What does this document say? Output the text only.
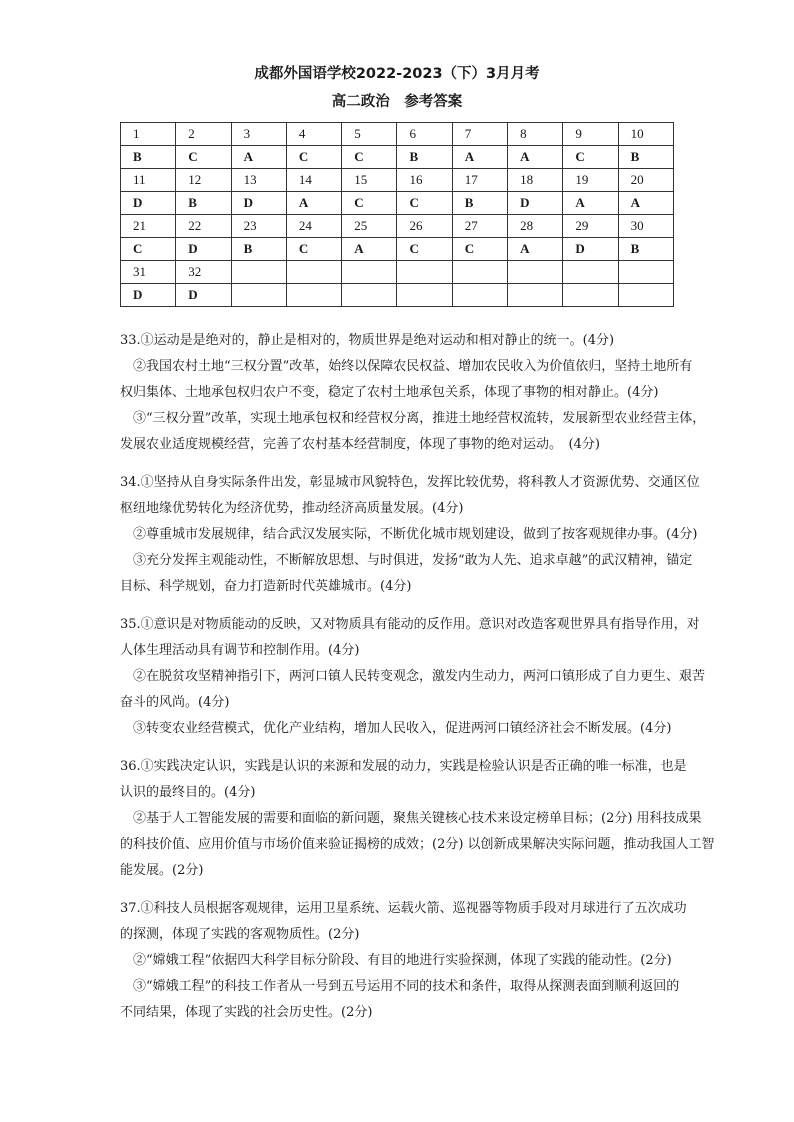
成都外国语学校2022-2023（下）3月月考
高二政治　参考答案
1	2	3	4	5	6	7	8	9	10
B	C	A	C	C	B	A	A	C	B
11	12	13	14	15	16	17	18	19	20
D	B	D	A	C	C	B	D	A	A
21	22	23	24	25	26	27	28	29	30
C	D	B	C	A	C	C	A	D	B
31	32								
D	D								

33.①运动是是绝对的，静止是相对的，物质世界是绝对运动和相对静止的统一。(4分)

②我国农村土地“三权分置”改革，始终以保障农民权益、增加农民收入为价值依归，坚持土地所有

权归集体、土地承包权归农户不变，稳定了农村土地承包关系，体现了事物的相对静止。(4分)

③“三权分置”改革，实现土地承包权和经营权分离，推进土地经营权流转，发展新型农业经营主体，

发展农业适度规模经营，完善了农村基本经营制度，体现了事物的绝对运动。　(4分)

34.①坚持从自身实际条件出发，彰显城市风貌特色，发挥比较优势，将科教人才资源优势、交通区位

枢纽地缘优势转化为经济优势，推动经济高质量发展。(4分)

②尊重城市发展规律，结合武汉发展实际，不断优化城市规划建设，做到了按客观规律办事。(4分)

③充分发挥主观能动性，不断解放思想、与时俱进，发扬“敢为人先、追求卓越”的武汉精神，锚定

目标、科学规划，奋力打造新时代英雄城市。(4分)

35.①意识是对物质能动的反映，又对物质具有能动的反作用。意识对改造客观世界具有指导作用，对

人体生理活动具有调节和控制作用。(4分)

②在脱贫攻坚精神指引下，两河口镇人民转变观念，激发内生动力，两河口镇形成了自力更生、艰苦

奋斗的风尚。(4分)

③转变农业经营模式，优化产业结构，增加人民收入，促进两河口镇经济社会不断发展。(4分)

36.①实践决定认识，实践是认识的来源和发展的动力，实践是检验认识是否正确的唯一标准，也是

认识的最终目的。(4分)

②基于人工智能发展的需要和面临的新问题，聚焦关键核心技术来设定榜单目标；(2分) 用科技成果

的科技价值、应用价值与市场价值来验证揭榜的成效；(2分) 以创新成果解决实际问题，推动我国人工智

能发展。(2分)

37.①科技人员根据客观规律，运用卫星系统、运载火箭、巡视器等物质手段对月球进行了五次成功

的探测，体现了实践的客观物质性。(2分)

②“嫦娥工程”依据四大科学目标分阶段、有目的地进行实验探测，体现了实践的能动性。(2分)

③“嫦娥工程”的科技工作者从一号到五号运用不同的技术和条件，取得从探测表面到顺利返回的

不同结果，体现了实践的社会历史性。(2分)
